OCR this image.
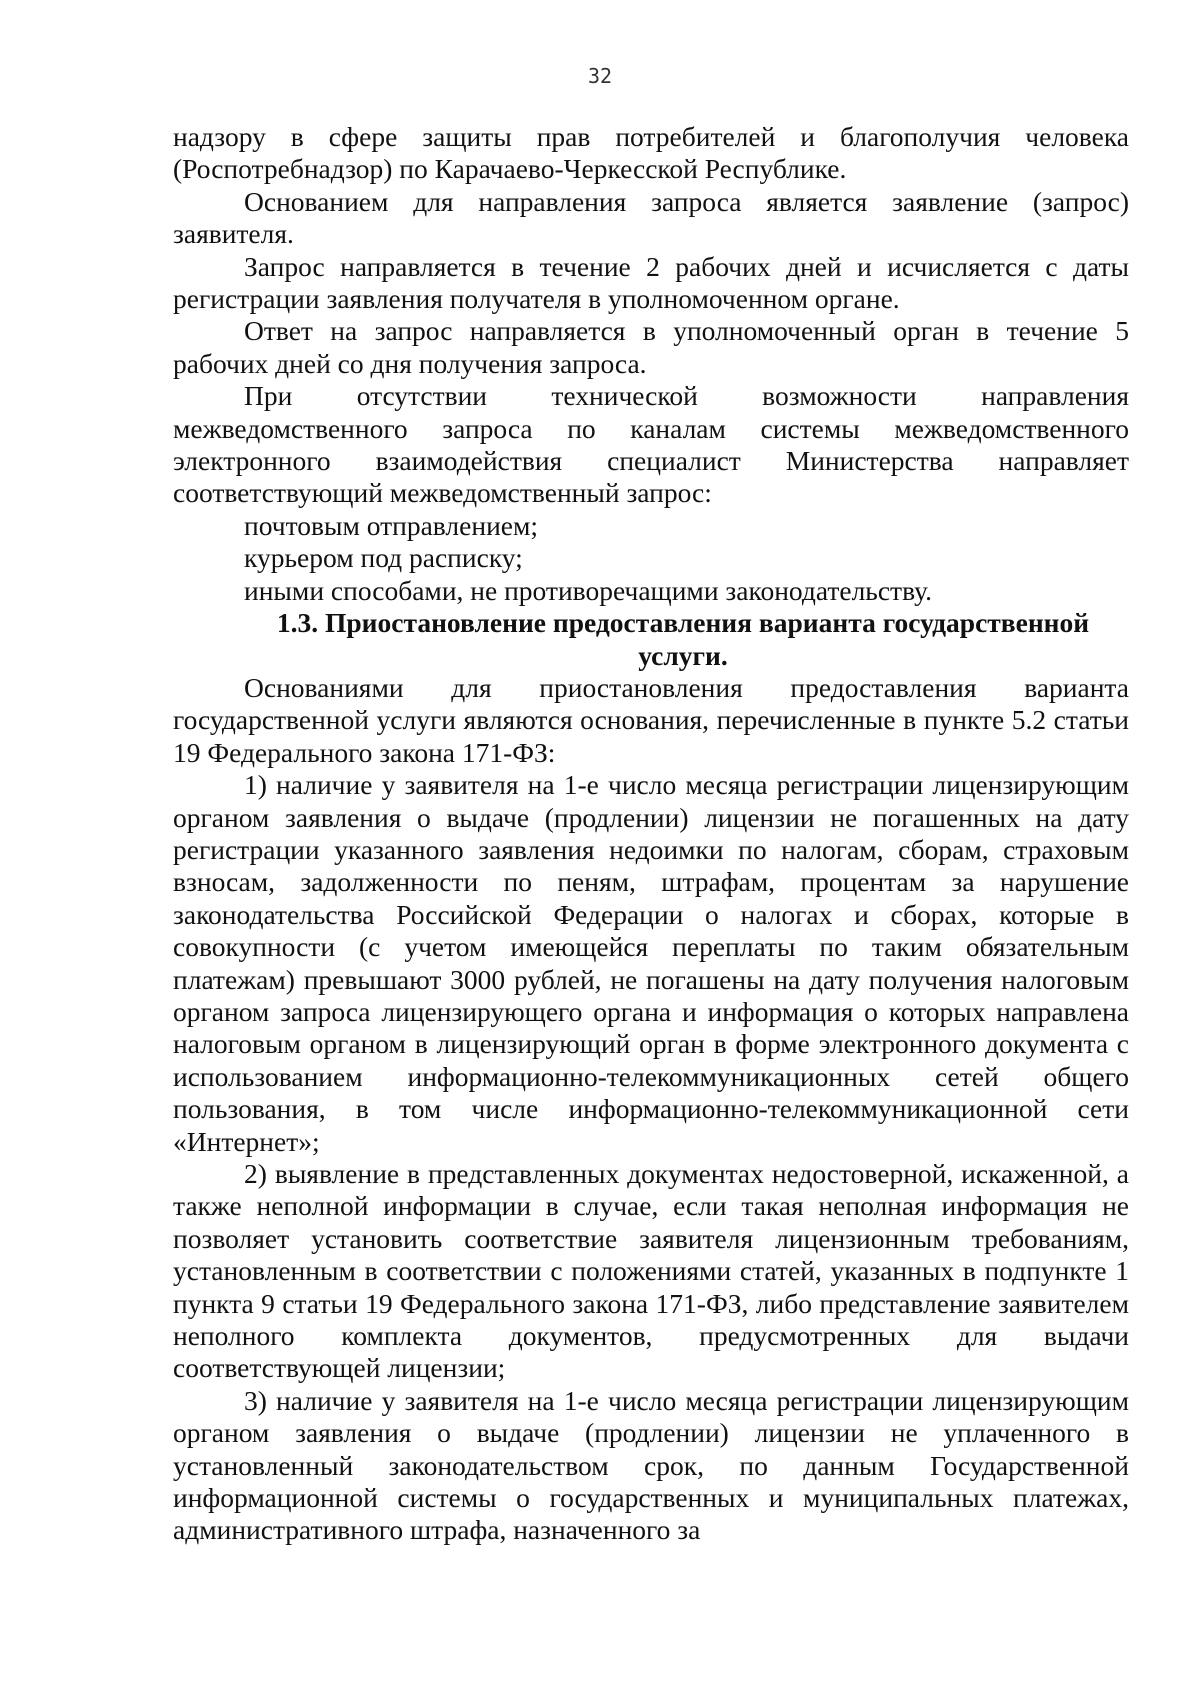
32

надзору в сфере защиты прав потребителей и благополучия человека (Роспотребнадзор) по Карачаево-Черкесской Республике.

Основанием для направления запроса является заявление (запрос) заявителя.

Запрос направляется в течение 2 рабочих дней и исчисляется с даты регистрации заявления получателя в уполномоченном органе.

Ответ на запрос направляется в уполномоченный орган в течение 5 рабочих дней со дня получения запроса.

При отсутствии технической возможности направления межведомственного запроса по каналам системы межведомственного электронного взаимодействия специалист Министерства направляет соответствующий межведомственный запрос:

почтовым отправлением;

курьером под расписку;

иными способами, не противоречащими законодательству.

1.3. Приостановление предоставления варианта государственной услуги.

Основаниями для приостановления предоставления варианта государственной услуги являются основания, перечисленные в пункте 5.2 статьи 19 Федерального закона 171-ФЗ:

1) наличие у заявителя на 1-е число месяца регистрации лицензирующим органом заявления о выдаче (продлении) лицензии не погашенных на дату регистрации указанного заявления недоимки по налогам, сборам, страховым взносам, задолженности по пеням, штрафам, процентам за нарушение законодательства Российской Федерации о налогах и сборах, которые в совокупности (с учетом имеющейся переплаты по таким обязательным платежам) превышают 3000 рублей, не погашены на дату получения налоговым органом запроса лицензирующего органа и информация о которых направлена налоговым органом в лицензирующий орган в форме электронного документа с использованием информационно-телекоммуникационных сетей общего пользования, в том числе информационно-телекоммуникационной сети «Интернет»;

2) выявление в представленных документах недостоверной, искаженной, а также неполной информации в случае, если такая неполная информация не позволяет установить соответствие заявителя лицензионным требованиям, установленным в соответствии с положениями статей, указанных в подпункте 1 пункта 9 статьи 19 Федерального закона 171-ФЗ, либо представление заявителем неполного комплекта документов, предусмотренных для выдачи соответствующей лицензии;

3) наличие у заявителя на 1-е число месяца регистрации лицензирующим органом заявления о выдаче (продлении) лицензии не уплаченного в установленный законодательством срок, по данным Государственной информационной системы о государственных и муниципальных платежах, административного штрафа, назначенного за
